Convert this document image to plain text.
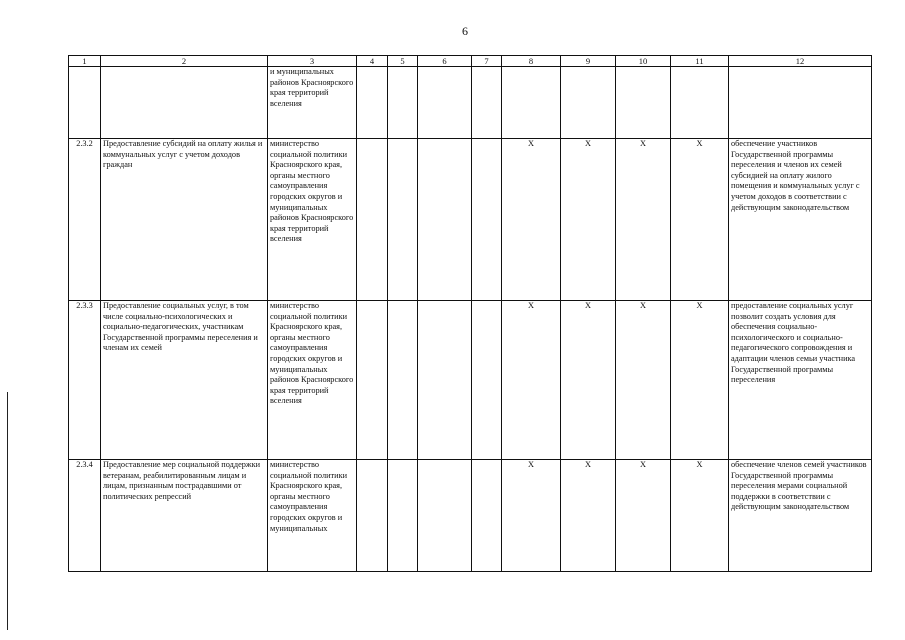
6
1	2	3	4	5	6	7	8	9	10	11	12
		и муниципальных районов Красноярского края территорий вселения									
2.3.2	Предоставление субсидий на оплату жилья и коммунальных услуг с учетом доходов граждан	министерство социальной политики Красноярского края, органы местного самоуправления городских округов и муниципальных районов Красноярского края территорий вселения					Х	Х	Х	Х	обеспечение участников Государственной программы переселения и членов их семей субсидией на оплату жилого помещения и коммунальных услуг с учетом доходов в соответствии с действующим законодательством
2.3.3	Предоставление социальных услуг, в том числе социально-психологических и социально-педагогических, участникам Государственной программы переселения и членам их семей	министерство социальной политики Красноярского края, органы местного самоуправления городских округов и муниципальных районов Красноярского края территорий вселения					Х	Х	Х	Х	предоставление социальных услуг позволит создать условия для обеспечения социально-психологического и социально-педагогического сопровождения и адаптации членов семьи участника Государственной программы переселения
2.3.4	Предоставление мер социальной поддержки ветеранам, реабилитированным лицам и лицам, признанным пострадавшими от политических репрессий	министерство социальной политики Красноярского края, органы местного самоуправления городских округов и муниципальных					Х	Х	Х	Х	обеспечение членов семей участников Государственной программы переселения мерами социальной поддержки в соответствии с действующим законодательством
